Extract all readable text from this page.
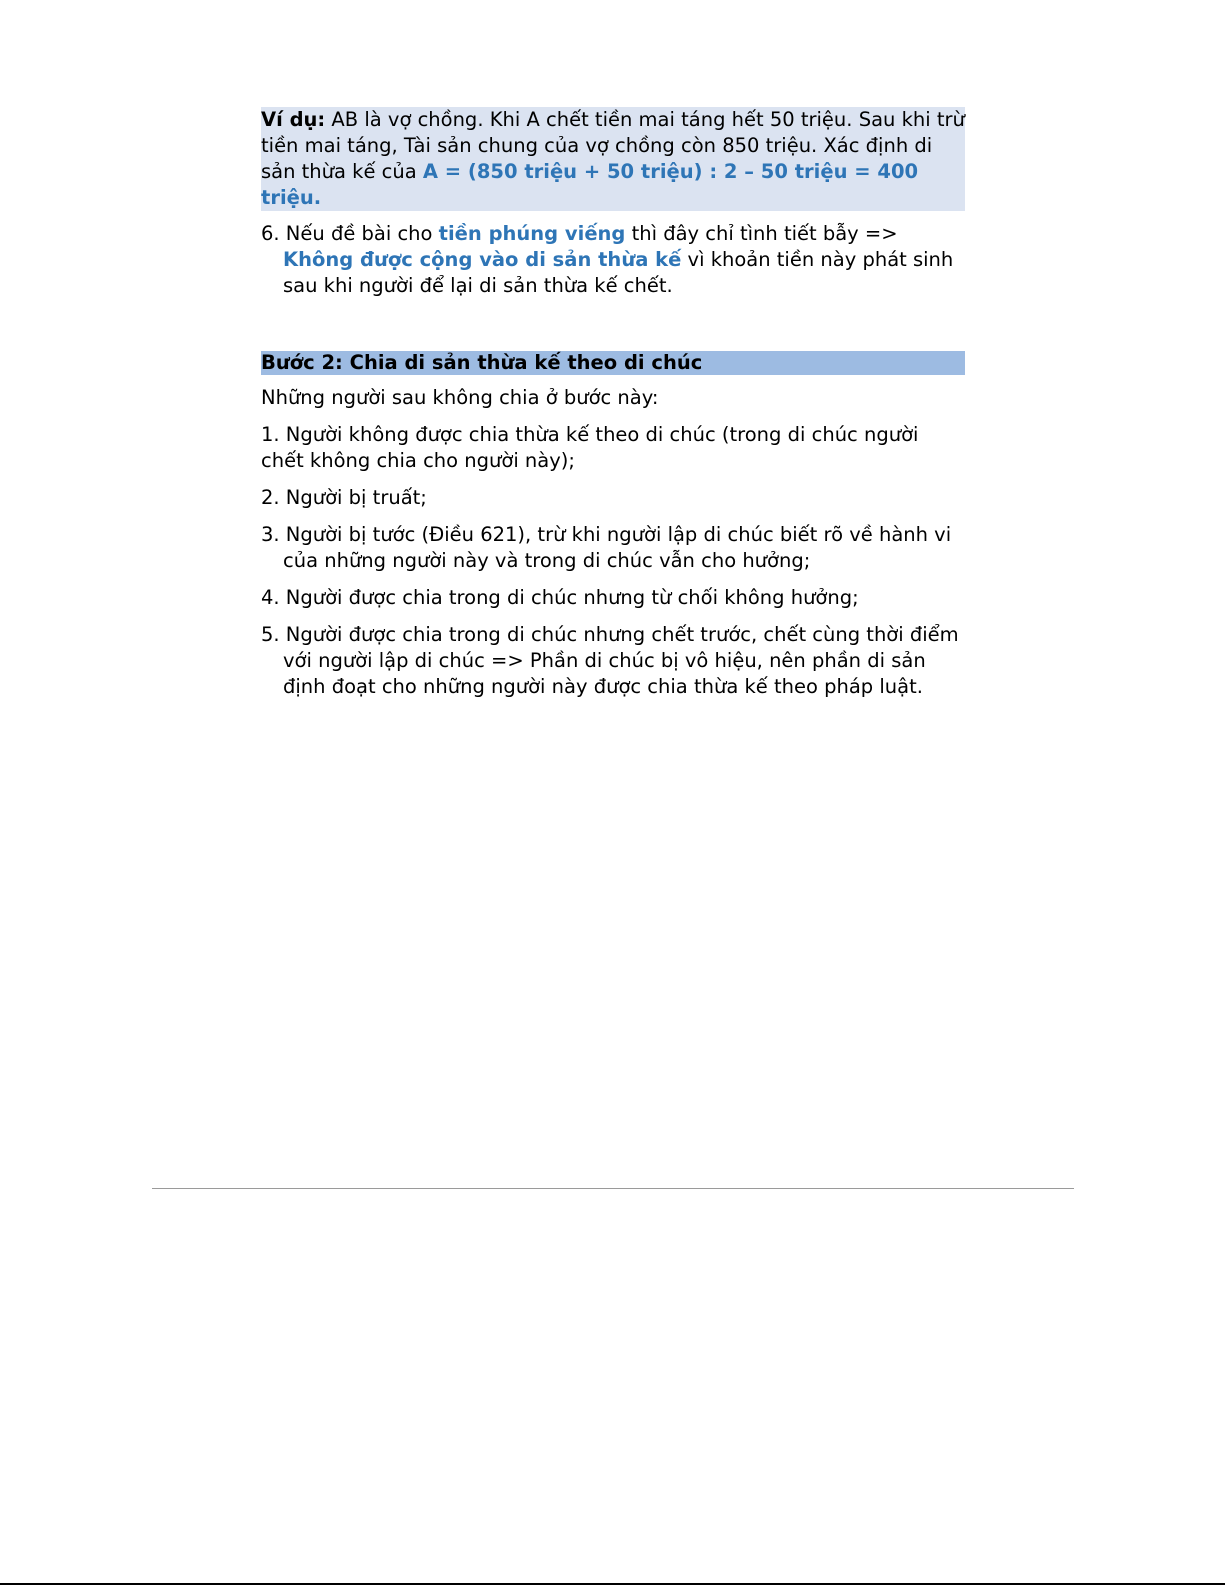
Ví dụ: AB là vợ chồng. Khi A chết tiền mai táng hết 50 triệu. Sau khi trừ tiền mai táng, Tài sản chung của vợ chồng còn 850 triệu. Xác định di sản thừa kế của A = (850 triệu + 50 triệu) : 2 – 50 triệu = 400 triệu.

6. Nếu đề bài cho tiền phúng viếng thì đây chỉ tình tiết bẫy => Không được cộng vào di sản thừa kế vì khoản tiền này phát sinh sau khi người để lại di sản thừa kế chết.

Bước 2: Chia di sản thừa kế theo di chúc

Những người sau không chia ở bước này:

1. Người không được chia thừa kế theo di chúc (trong di chúc người chết không chia cho người này);

2. Người bị truất;

3. Người bị tước (Điều 621), trừ khi người lập di chúc biết rõ về hành vi của những người này và trong di chúc vẫn cho hưởng;

4. Người được chia trong di chúc nhưng từ chối không hưởng;

5. Người được chia trong di chúc nhưng chết trước, chết cùng thời điểm với người lập di chúc => Phần di chúc bị vô hiệu, nên phần di sản định đoạt cho những người này được chia thừa kế theo pháp luật.
